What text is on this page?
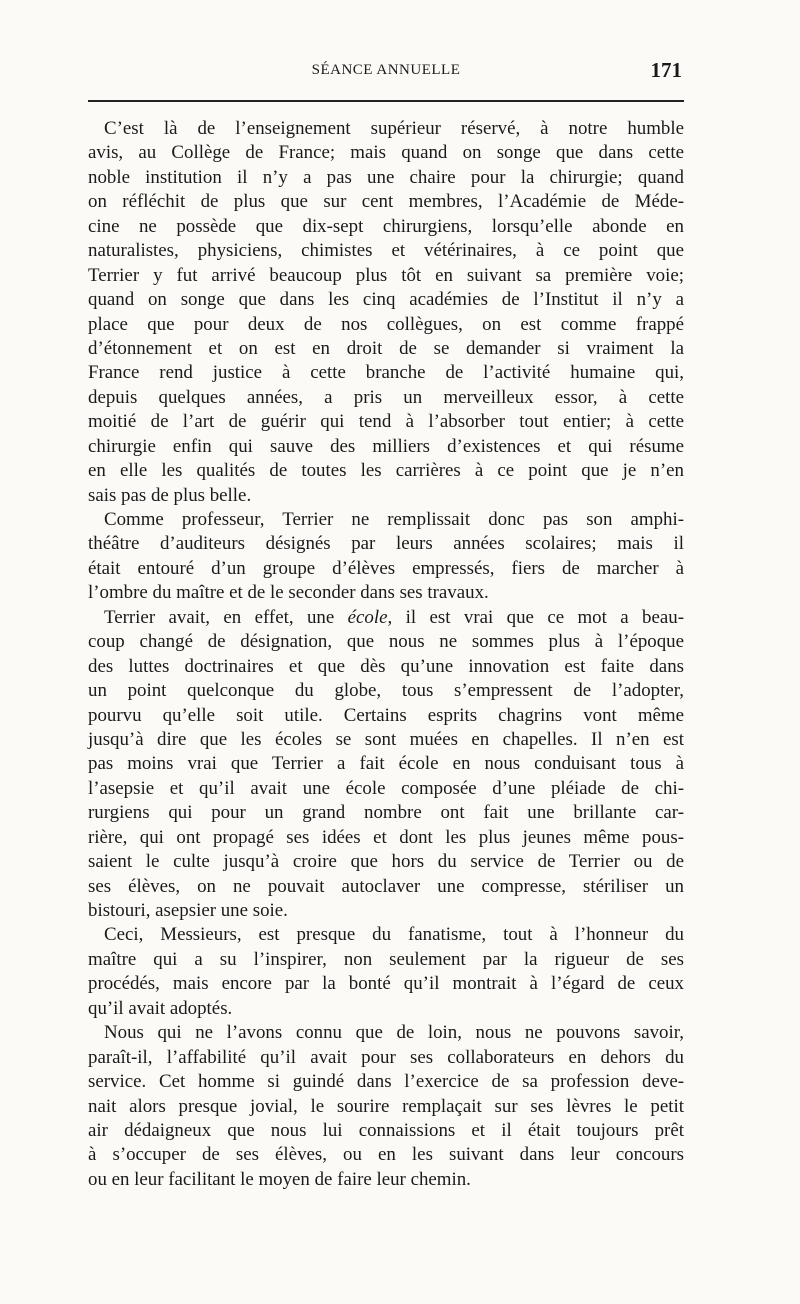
SÉANCE ANNUELLE	171
C’est là de l’enseignement supérieur réservé, à notre humble
avis, au Collège de France; mais quand on songe que dans cette
noble institution il n’y a pas une chaire pour la chirurgie; quand
on réfléchit de plus que sur cent membres, l’Académie de Méde-
cine ne possède que dix-sept chirurgiens, lorsqu’elle abonde en
naturalistes, physiciens, chimistes et vétérinaires, à ce point que
Terrier y fut arrivé beaucoup plus tôt en suivant sa première voie;
quand on songe que dans les cinq académies de l’Institut il n’y a
place que pour deux de nos collègues, on est comme frappé
d’étonnement et on est en droit de se demander si vraiment la
France rend justice à cette branche de l’activité humaine qui,
depuis quelques années, a pris un merveilleux essor, à cette
moitié de l’art de guérir qui tend à l’absorber tout entier; à cette
chirurgie enfin qui sauve des milliers d’existences et qui résume
en elle les qualités de toutes les carrières à ce point que je n’en
sais pas de plus belle.
Comme professeur, Terrier ne remplissait donc pas son amphi-
théâtre d’auditeurs désignés par leurs années scolaires; mais il
était entouré d’un groupe d’élèves empressés, fiers de marcher à
l’ombre du maître et de le seconder dans ses travaux.
Terrier avait, en effet, une école, il est vrai que ce mot a beau-
coup changé de désignation, que nous ne sommes plus à l’époque
des luttes doctrinaires et que dès qu’une innovation est faite dans
un point quelconque du globe, tous s’empressent de l’adopter,
pourvu qu’elle soit utile. Certains esprits chagrins vont même
jusqu’à dire que les écoles se sont muées en chapelles. Il n’en est
pas moins vrai que Terrier a fait école en nous conduisant tous à
l’asepsie et qu’il avait une école composée d’une pléiade de chi-
rurgiens qui pour un grand nombre ont fait une brillante car-
rière, qui ont propagé ses idées et dont les plus jeunes même pous-
saient le culte jusqu’à croire que hors du service de Terrier ou de
ses élèves, on ne pouvait autoclaver une compresse, stériliser un
bistouri, asepsier une soie.
Ceci, Messieurs, est presque du fanatisme, tout à l’honneur du
maître qui a su l’inspirer, non seulement par la rigueur de ses
procédés, mais encore par la bonté qu’il montrait à l’égard de ceux
qu’il avait adoptés.
Nous qui ne l’avons connu que de loin, nous ne pouvons savoir,
paraît-il, l’affabilité qu’il avait pour ses collaborateurs en dehors du
service. Cet homme si guindé dans l’exercice de sa profession deve-
nait alors presque jovial, le sourire remplaçait sur ses lèvres le petit
air dédaigneux que nous lui connaissions et il était toujours prêt
à s’occuper de ses élèves, ou en les suivant dans leur concours
ou en leur facilitant le moyen de faire leur chemin.
